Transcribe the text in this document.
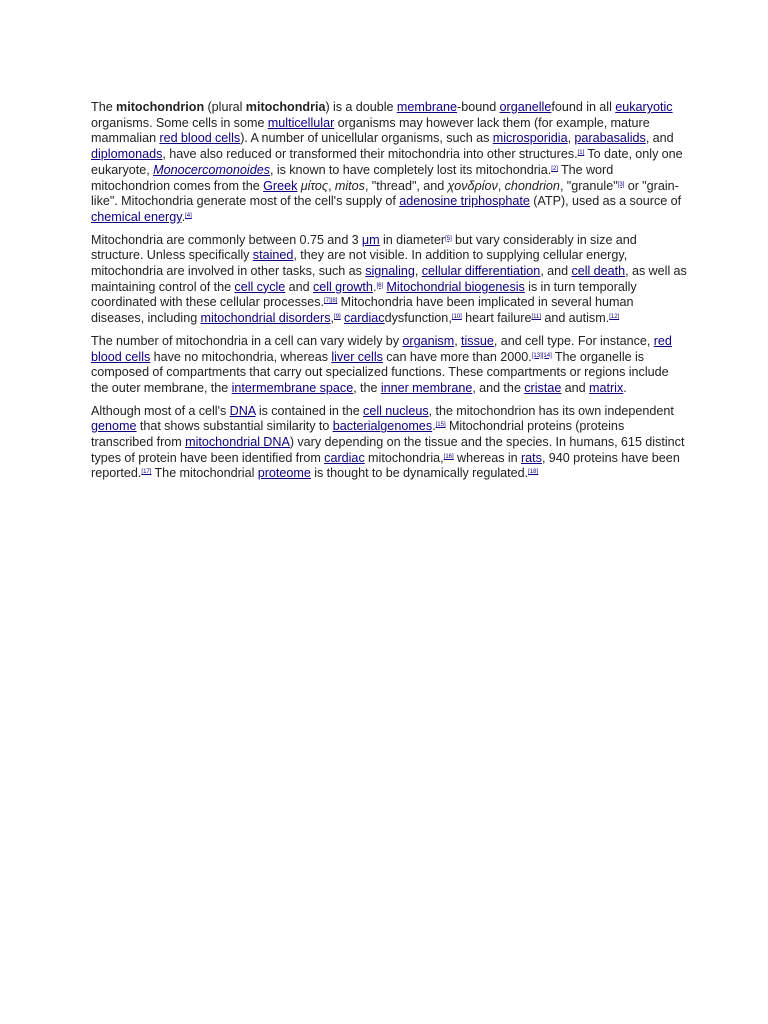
The mitochondrion (plural mitochondria) is a double membrane-bound organellefound in all eukaryotic organisms. Some cells in some multicellular organisms may however lack them (for example, mature mammalian red blood cells). A number of unicellular organisms, such as microsporidia, parabasalids, and diplomonads, have also reduced or transformed their mitochondria into other structures.[1] To date, only one eukaryote, Monocercomonoides, is known to have completely lost its mitochondria.[2] The word mitochondrion comes from the Greek μίτος, mitos, "thread", and χονδρίον, chondrion, "granule"[3] or "grain-like". Mitochondria generate most of the cell's supply of adenosine triphosphate (ATP), used as a source of chemical energy.[4]

Mitochondria are commonly between 0.75 and 3 μm in diameter[5] but vary considerably in size and structure. Unless specifically stained, they are not visible. In addition to supplying cellular energy, mitochondria are involved in other tasks, such as signaling, cellular differentiation, and cell death, as well as maintaining control of the cell cycle and cell growth.[6] Mitochondrial biogenesis is in turn temporally coordinated with these cellular processes.[7][8] Mitochondria have been implicated in several human diseases, including mitochondrial disorders,[9] cardiacdysfunction,[10] heart failure[11] and autism.[12]

The number of mitochondria in a cell can vary widely by organism, tissue, and cell type. For instance, red blood cells have no mitochondria, whereas liver cells can have more than 2000.[13][14] The organelle is composed of compartments that carry out specialized functions. These compartments or regions include the outer membrane, the intermembrane space, the inner membrane, and the cristae and matrix.

Although most of a cell's DNA is contained in the cell nucleus, the mitochondrion has its own independent genome that shows substantial similarity to bacterialgenomes.[15] Mitochondrial proteins (proteins transcribed from mitochondrial DNA) vary depending on the tissue and the species. In humans, 615 distinct types of protein have been identified from cardiac mitochondria,[16] whereas in rats, 940 proteins have been reported.[17] The mitochondrial proteome is thought to be dynamically regulated.[18]
